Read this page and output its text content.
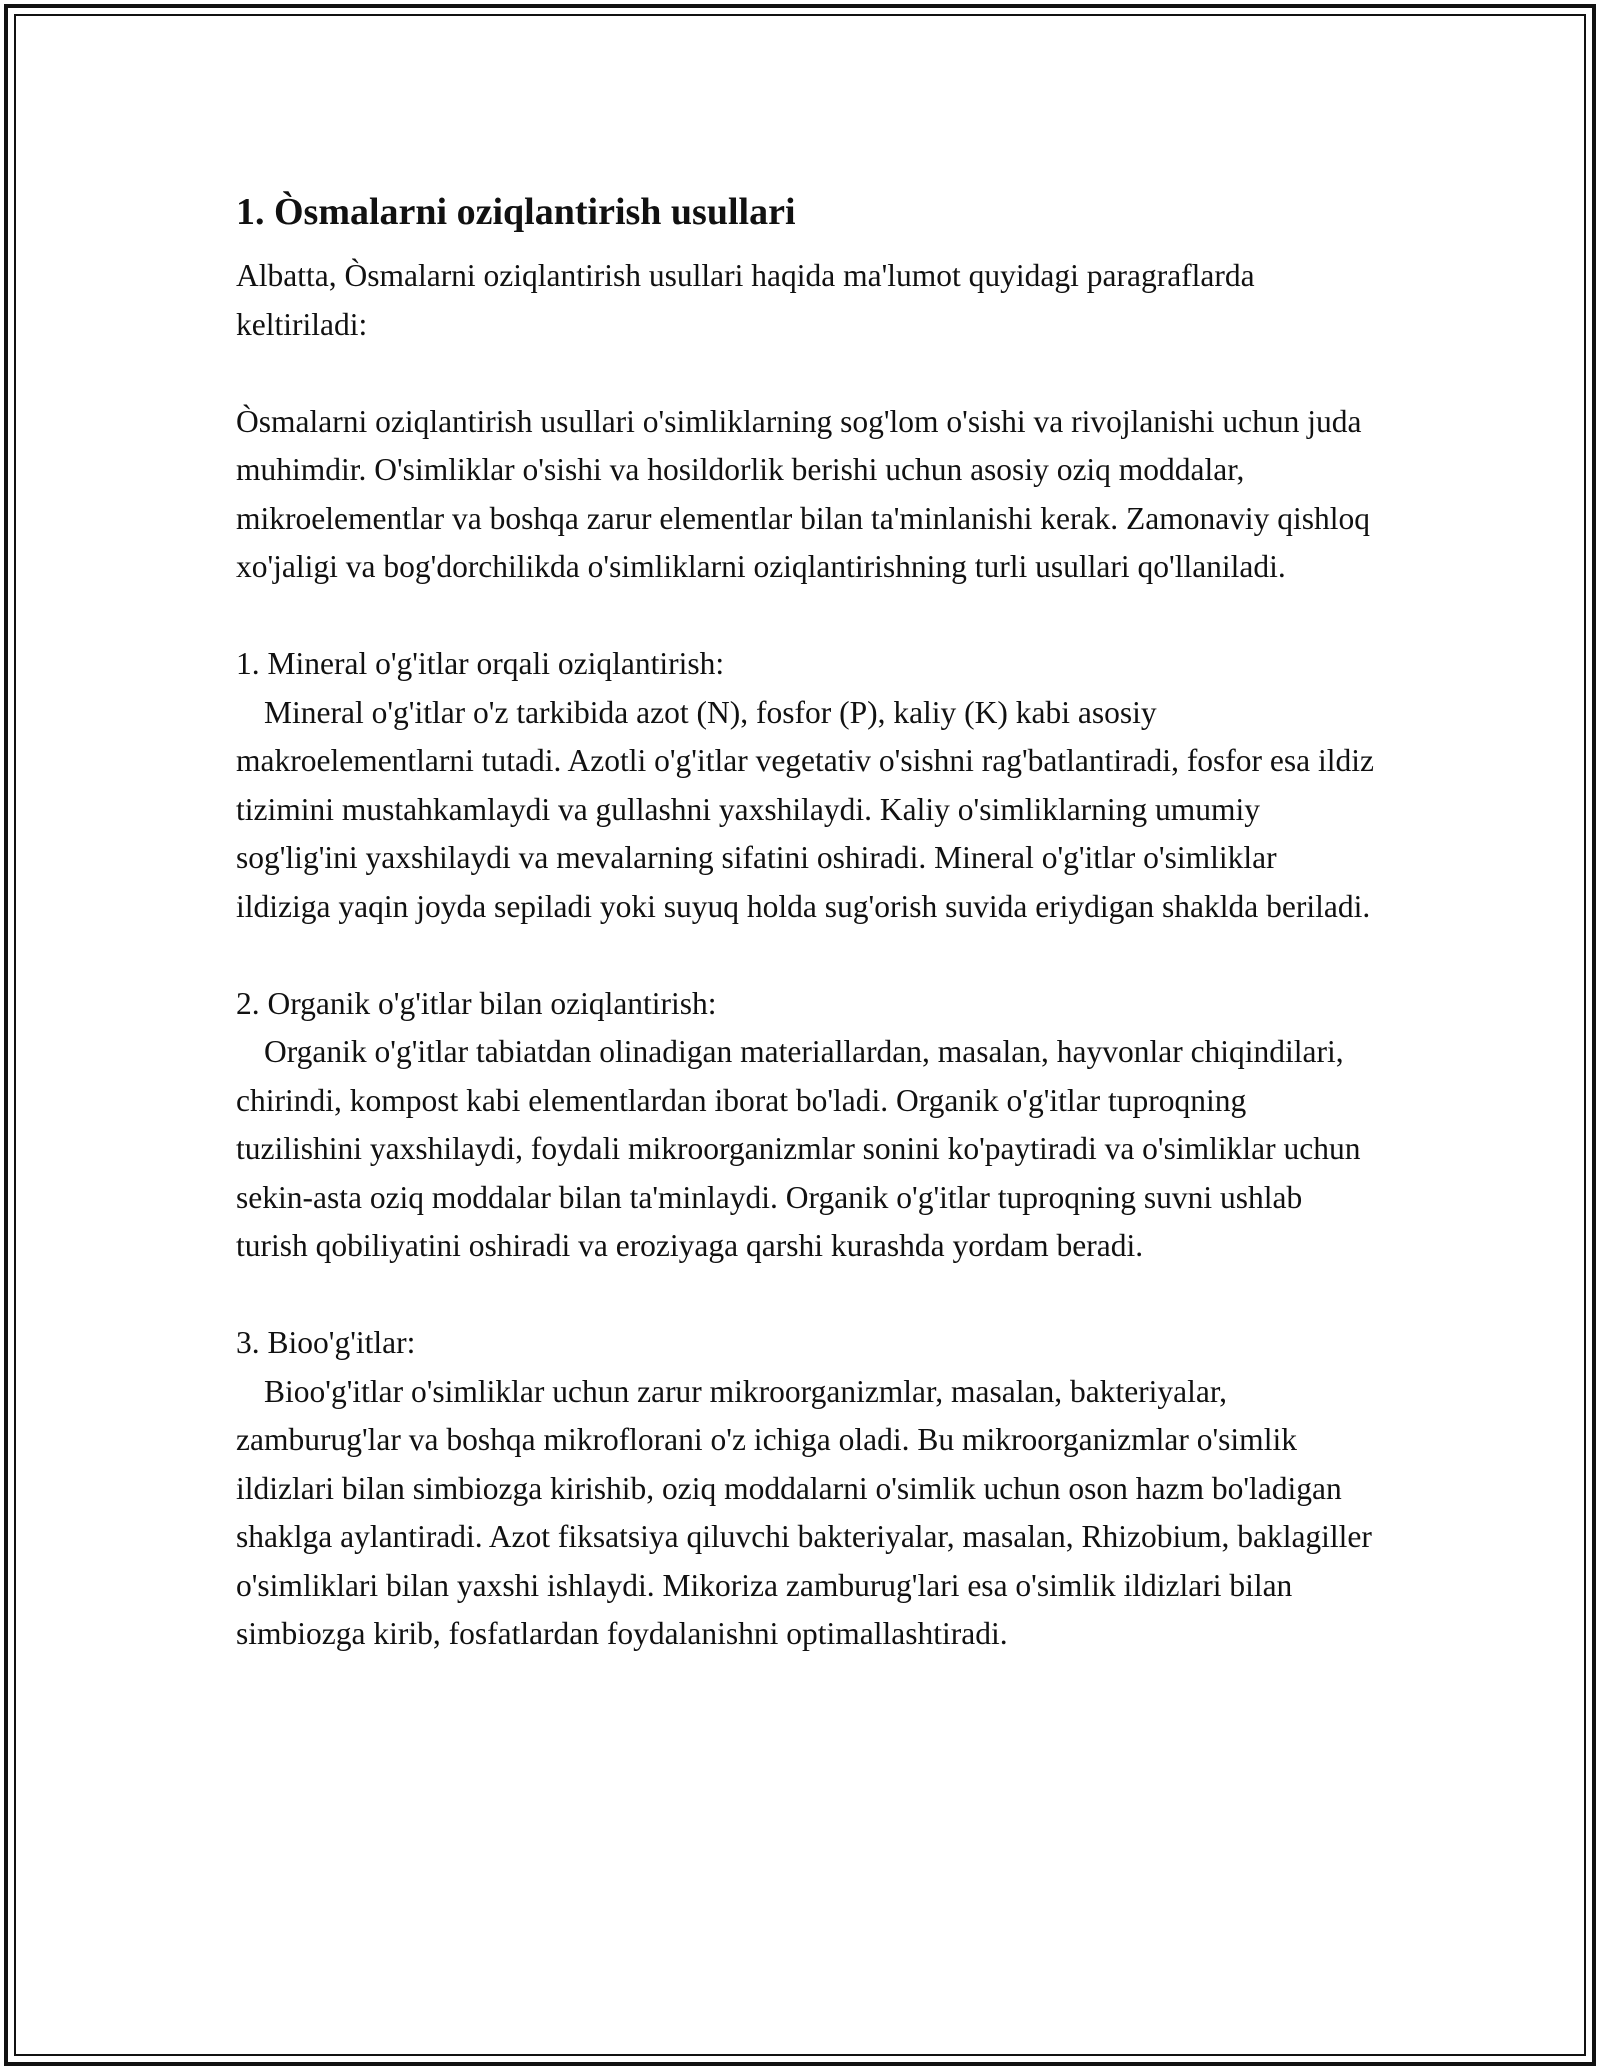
1. Òsmalarni oziqlantirish usullari

Albatta, Òsmalarni oziqlantirish usullari haqida ma'lumot quyidagi paragraflarda keltiriladi:

Òsmalarni oziqlantirish usullari o'simliklarning sog'lom o'sishi va rivojlanishi uchun juda muhimdir. O'simliklar o'sishi va hosildorlik berishi uchun asosiy oziq moddalar, mikroelementlar va boshqa zarur elementlar bilan ta'minlanishi kerak. Zamonaviy qishloq xo'jaligi va bog'dorchilikda o'simliklarni oziqlantirishning turli usullari qo'llaniladi.

1. Mineral o'g'itlar orqali oziqlantirish:

Mineral o'g'itlar o'z tarkibida azot (N), fosfor (P), kaliy (K) kabi asosiy makroelementlarni tutadi. Azotli o'g'itlar vegetativ o'sishni rag'batlantiradi, fosfor esa ildiz tizimini mustahkamlaydi va gullashni yaxshilaydi. Kaliy o'simliklarning umumiy sog'lig'ini yaxshilaydi va mevalarning sifatini oshiradi. Mineral o'g'itlar o'simliklar ildiziga yaqin joyda sepiladi yoki suyuq holda sug'orish suvida eriydigan shaklda beriladi.

2. Organik o'g'itlar bilan oziqlantirish:

Organik o'g'itlar tabiatdan olinadigan materiallardan, masalan, hayvonlar chiqindilari, chirindi, kompost kabi elementlardan iborat bo'ladi. Organik o'g'itlar tuproqning tuzilishini yaxshilaydi, foydali mikroorganizmlar sonini ko'paytiradi va o'simliklar uchun sekin-asta oziq moddalar bilan ta'minlaydi. Organik o'g'itlar tuproqning suvni ushlab turish qobiliyatini oshiradi va eroziyaga qarshi kurashda yordam beradi.

3. Bioo'g'itlar:

Bioo'g'itlar o'simliklar uchun zarur mikroorganizmlar, masalan, bakteriyalar, zamburug'lar va boshqa mikroflorani o'z ichiga oladi. Bu mikroorganizmlar o'simlik ildizlari bilan simbiozga kirishib, oziq moddalarni o'simlik uchun oson hazm bo'ladigan shaklga aylantiradi. Azot fiksatsiya qiluvchi bakteriyalar, masalan, Rhizobium, baklagiller o'simliklari bilan yaxshi ishlaydi. Mikoriza zamburug'lari esa o'simlik ildizlari bilan simbiozga kirib, fosfatlardan foydalanishni optimallashtiradi.
